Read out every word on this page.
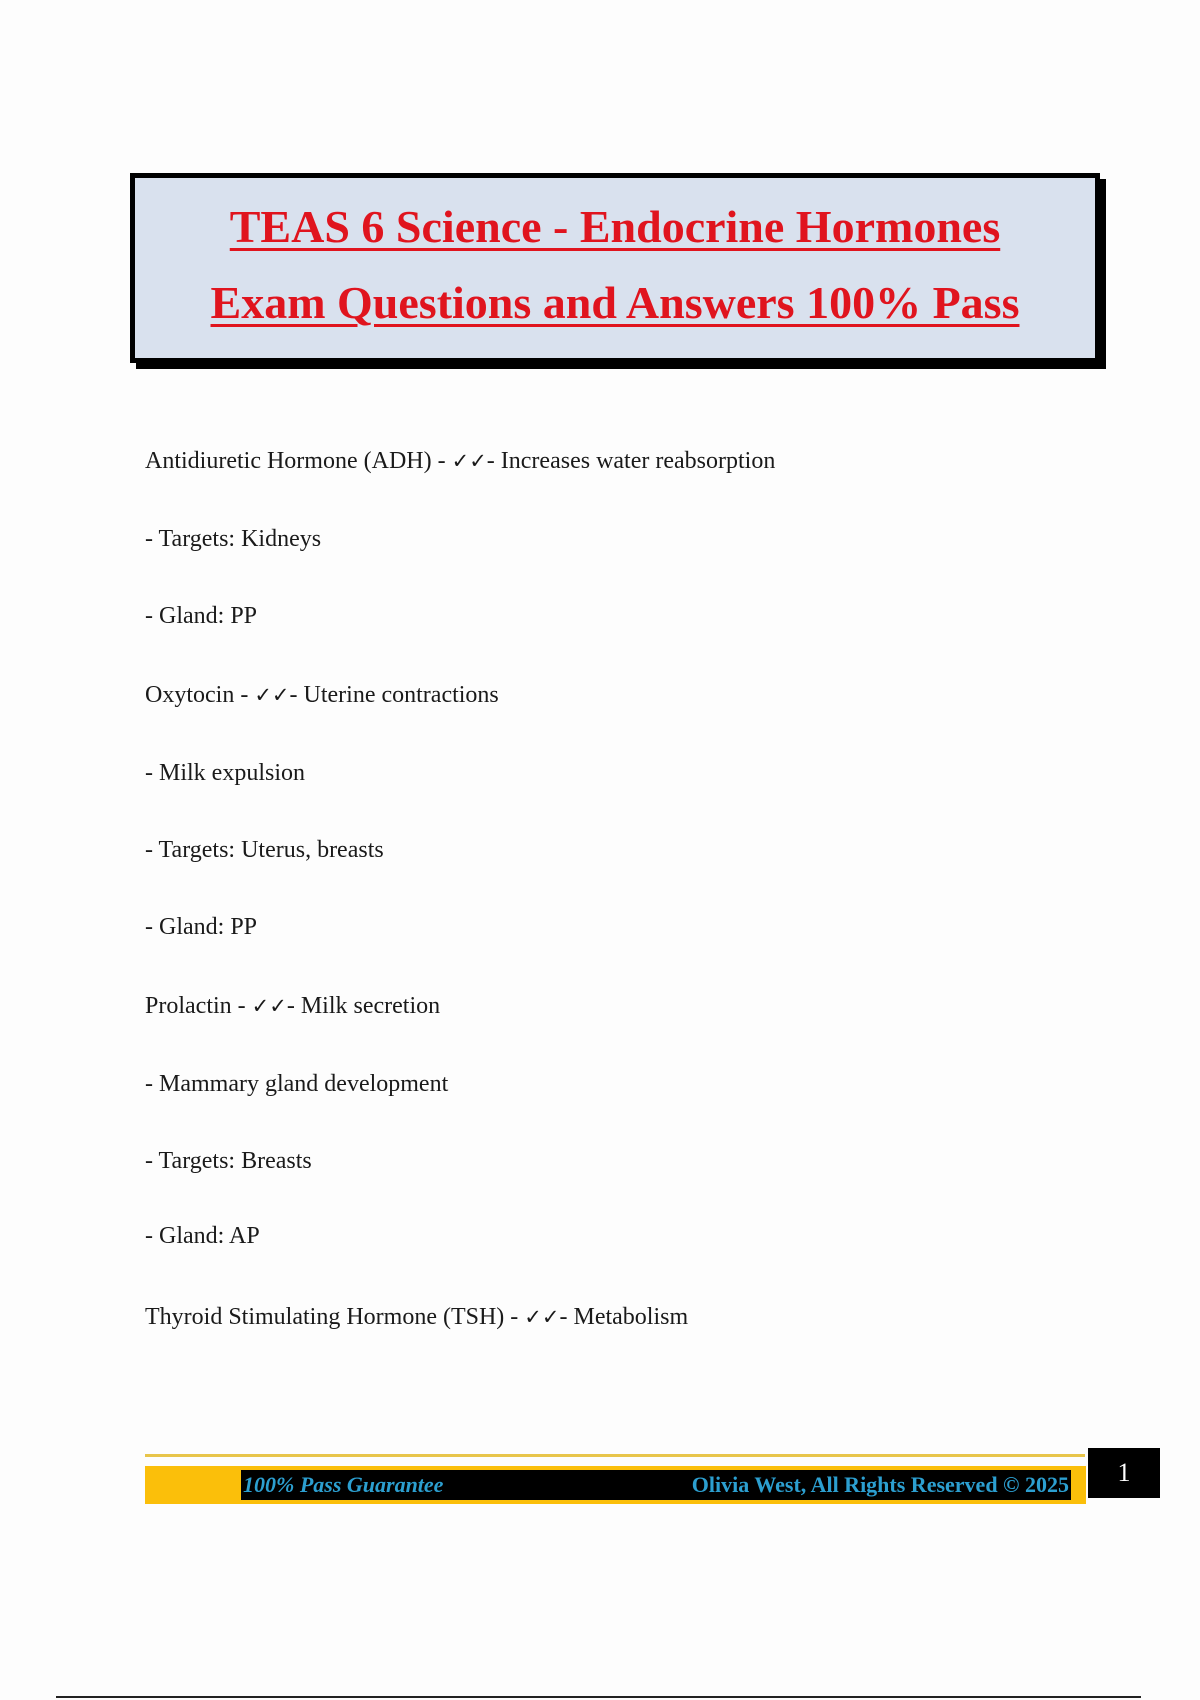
TEAS 6 Science - Endocrine Hormones
Exam Questions and Answers 100% Pass
Antidiuretic Hormone (ADH) - ✓✓- Increases water reabsorption
- Targets: Kidneys
- Gland: PP
Oxytocin - ✓✓- Uterine contractions
- Milk expulsion
- Targets: Uterus, breasts
- Gland: PP
Prolactin - ✓✓- Milk secretion
- Mammary gland development
- Targets: Breasts
- Gland: AP
Thyroid Stimulating Hormone (TSH) - ✓✓- Metabolism
100% Pass Guarantee	Olivia West, All Rights Reserved © 2025	1
